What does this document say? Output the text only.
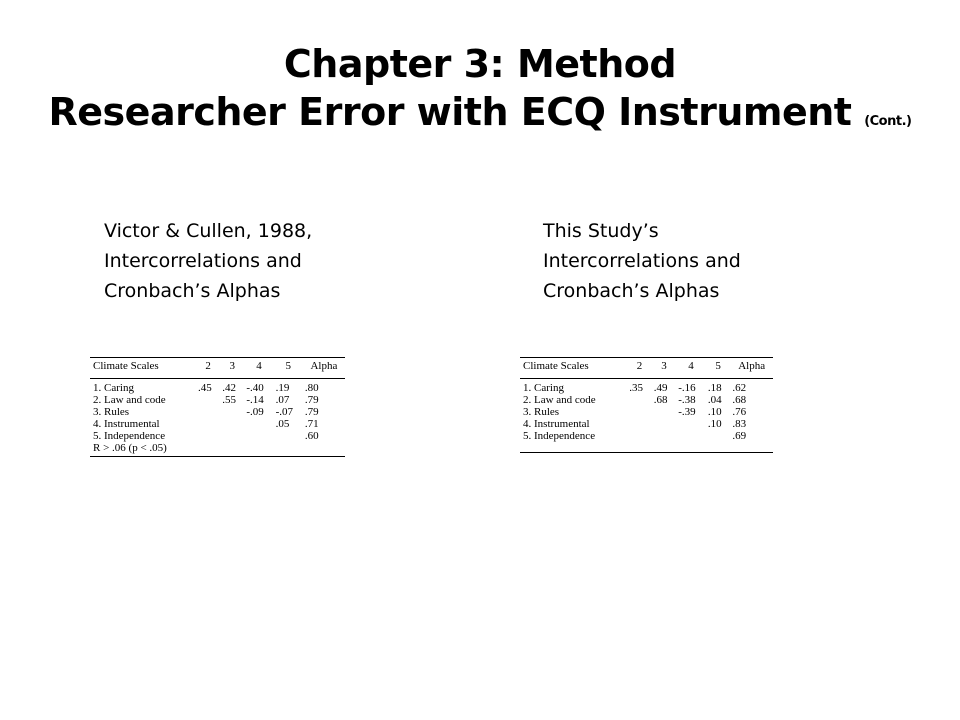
Chapter 3: Method
Researcher Error with ECQ Instrument (Cont.)
Victor & Cullen, 1988,
Intercorrelations and
Cronbach’s Alphas
This Study’s
Intercorrelations and
Cronbach’s Alphas
Climate Scales	2	3	4	5	Alpha
1. Caring	.45	.42	-.40	.19	.80
2. Law and code		.55	-.14	.07	.79
3. Rules			-.09	-.07	.79
4. Instrumental				.05	.71
5. Independence					.60
R > .06 (p < .05)					
Climate Scales	2	3	4	5	Alpha
1. Caring	.35	.49	-.16	.18	.62
2. Law and code		.68	-.38	.04	.68
3. Rules			-.39	.10	.76
4. Instrumental				.10	.83
5. Independence					.69
